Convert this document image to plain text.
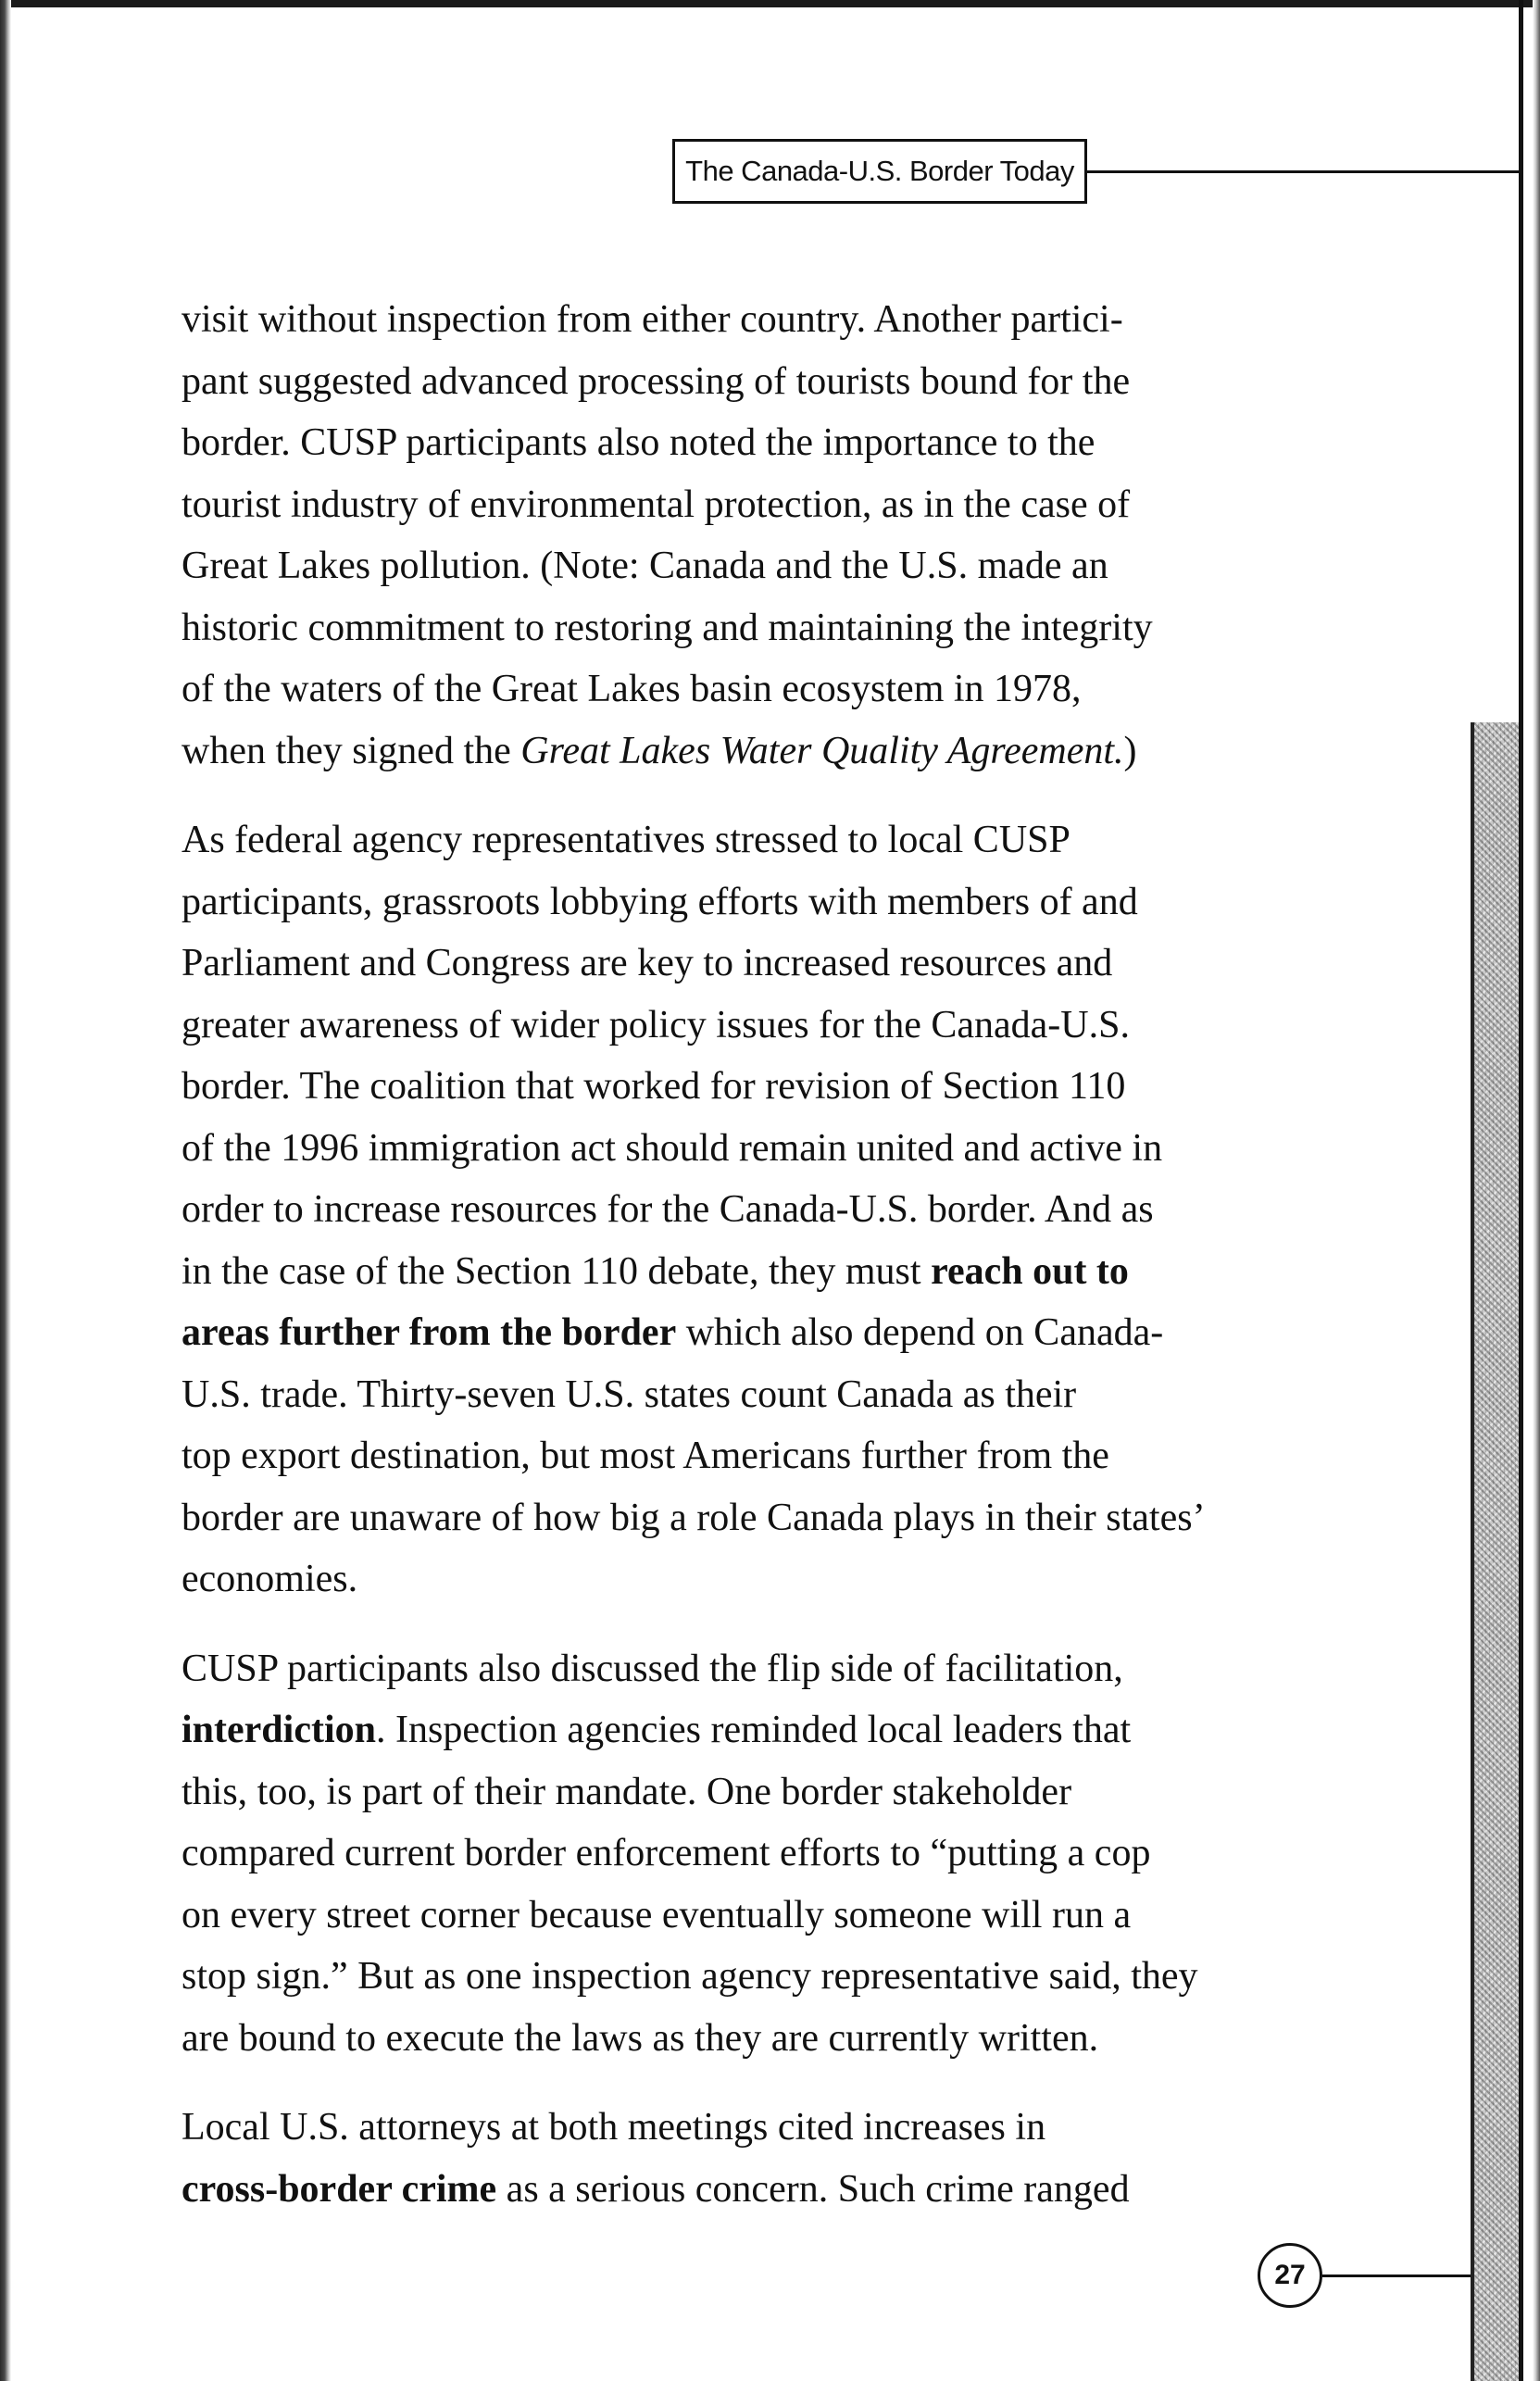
The Canada-U.S. Border Today

visit without inspection from either country. Another partici-
pant suggested advanced processing of tourists bound for the
border. CUSP participants also noted the importance to the
tourist industry of environmental protection, as in the case of
Great Lakes pollution. (Note: Canada and the U.S. made an
historic commitment to restoring and maintaining the integrity
of the waters of the Great Lakes basin ecosystem in 1978,
when they signed the Great Lakes Water Quality Agreement.)

As federal agency representatives stressed to local CUSP
participants, grassroots lobbying efforts with members of and
Parliament and Congress are key to increased resources and
greater awareness of wider policy issues for the Canada-U.S.
border. The coalition that worked for revision of Section 110
of the 1996 immigration act should remain united and active in
order to increase resources for the Canada-U.S. border. And as
in the case of the Section 110 debate, they must reach out to
areas further from the border which also depend on Canada-
U.S. trade. Thirty-seven U.S. states count Canada as their
top export destination, but most Americans further from the
border are unaware of how big a role Canada plays in their states’
economies.

CUSP participants also discussed the flip side of facilitation,
interdiction. Inspection agencies reminded local leaders that
this, too, is part of their mandate. One border stakeholder
compared current border enforcement efforts to “putting a cop
on every street corner because eventually someone will run a
stop sign.” But as one inspection agency representative said, they
are bound to execute the laws as they are currently written.

Local U.S. attorneys at both meetings cited increases in
cross-border crime as a serious concern. Such crime ranged

27
